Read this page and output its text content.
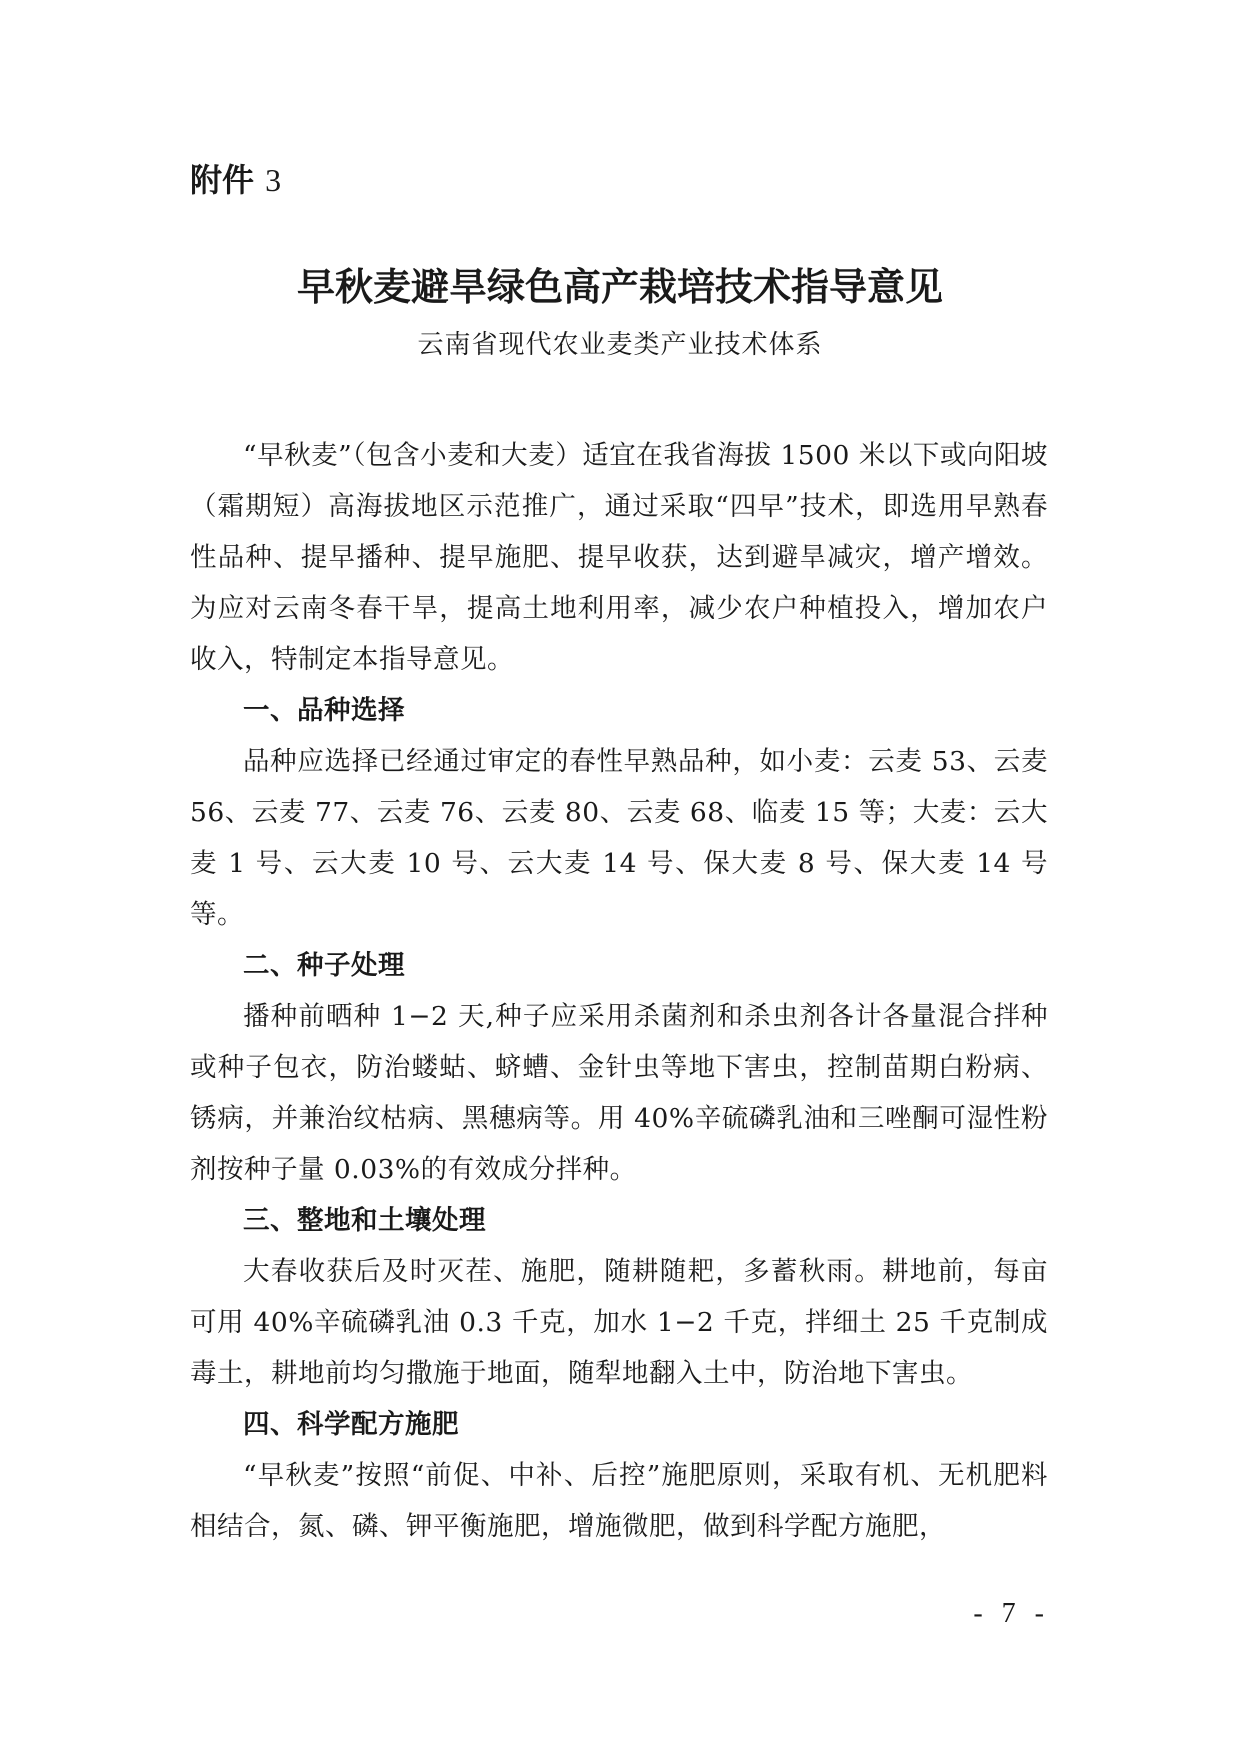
附件 3
早秋麦避旱绿色高产栽培技术指导意见

云南省现代农业麦类产业技术体系

“早秋麦”（包含小麦和大麦）适宜在我省海拔 1500 米以下或向阳坡（霜期短）高海拔地区示范推广，通过采取“四早”技术，即选用早熟春性品种、提早播种、提早施肥、提早收获，达到避旱减灾，增产增效。为应对云南冬春干旱，提高土地利用率，减少农户种植投入，增加农户收入，特制定本指导意见。

一、品种选择

品种应选择已经通过审定的春性早熟品种，如小麦：云麦 53、云麦 56、云麦 77、云麦 76、云麦 80、云麦 68、临麦 15 等；大麦：云大麦 1 号、云大麦 10 号、云大麦 14 号、保大麦 8 号、保大麦 14 号等。

二、种子处理

播种前晒种 1−2 天,种子应采用杀菌剂和杀虫剂各计各量混合拌种或种子包衣，防治蝼蛄、蛴螬、金针虫等地下害虫，控制苗期白粉病、锈病，并兼治纹枯病、黑穗病等。用 40%辛硫磷乳油和三唑酮可湿性粉剂按种子量 0.03%的有效成分拌种。

三、整地和土壤处理

大春收获后及时灭茬、施肥，随耕随耙，多蓄秋雨。耕地前，每亩可用 40%辛硫磷乳油 0.3 千克，加水 1−2 千克，拌细土 25 千克制成毒土，耕地前均匀撒施于地面，随犁地翻入土中，防治地下害虫。

四、科学配方施肥

“早秋麦”按照“前促、中补、后控”施肥原则，采取有机、无机肥料相结合，氮、磷、钾平衡施肥，增施微肥，做到科学配方施肥，

- 7 -
